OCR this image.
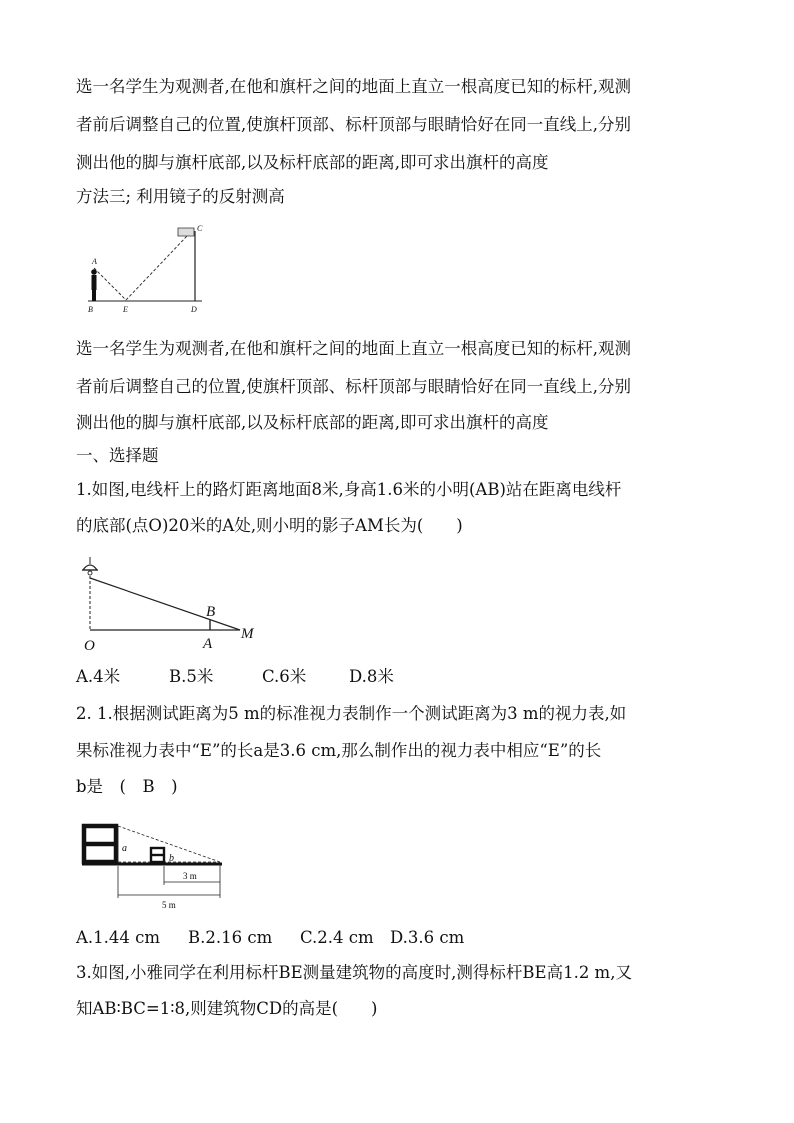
选一名学生为观测者,在他和旗杆之间的地面上直立一根高度已知的标杆,观测
者前后调整自己的位置,使旗杆顶部、标杆顶部与眼睛恰好在同一直线上,分别
测出他的脚与旗杆底部,以及标杆底部的距离,即可求出旗杆的高度
方法三; 利用镜子的反射测高
A
B	E	D
C
选一名学生为观测者,在他和旗杆之间的地面上直立一根高度已知的标杆,观测
者前后调整自己的位置,使旗杆顶部、标杆顶部与眼睛恰好在同一直线上,分别
测出他的脚与旗杆底部,以及标杆底部的距离,即可求出旗杆的高度
一、选择题
1.如图,电线杆上的路灯距离地面8米,身高1.6米的小明(AB)站在距离电线杆
的底部(点O)20米的A处,则小明的影子AM长为(　　)
B
O	A
M
A.4米	B.5米	C.6米	D.8米
2. 1.根据测试距离为5 m的标准视力表制作一个测试距离为3 m的视力表,如
果标准视力表中“E”的长a是3.6 cm,那么制作出的视力表中相应“E”的长
b是　(　B　)
a
b
3 m
5 m
A.1.44 cm B.2.16 cm C.2.4 cm D.3.6 cm
3.如图,小雅同学在利用标杆BE测量建筑物的高度时,测得标杆BE高1.2 m,又
知AB∶BC=1∶8,则建筑物CD的高是(　　)
